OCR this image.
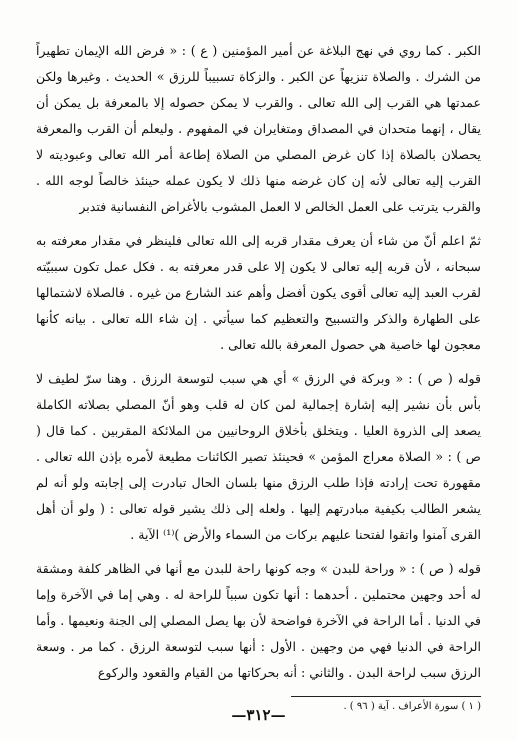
الكبر . كما روي في نهج البلاغة عن أمير المؤمنين ( ع ) : « فرض الله الإيمان تطهيراً من الشرك . والصلاة تنزيهاً عن الكبر . والزكاة تسبيباً للرزق » الحديث . وغيرها ولكن عمدتها هي القرب إلى الله تعالى . والقرب لا يمكن حصوله إلا بالمعرفة بل يمكن أن يقال ، إنهما متحدان في المصداق ومتغايران في المفهوم . وليعلم أن القرب والمعرفة يحصلان بالصلاة إذا كان غرض المصلي من الصلاة إطاعة أمر الله تعالى وعبوديته لا القرب إليه تعالى لأنه إن كان غرضه منها ذلك لا يكون عمله حينئذ خالصاً لوجه الله . والقرب يترتب على العمل الخالص لا العمل المشوب بالأغراض النفسانية فتدبر

ثمّ اعلم أنّ من شاء أن يعرف مقدار قربه إلى الله تعالى فلينظر في مقدار معرفته به سبحانه ، لأن قربه إليه تعالى لا يكون إلا على قدر معرفته به . فكل عمل تكون سببيّته لقرب العبد إليه تعالى أقوى يكون أفضل وأهم عند الشارع من غيره . فالصلاة لاشتمالها على الطهارة والذكر والتسبيح والتعظيم كما سيأتي . إن شاء الله تعالى . بيانه كأنها معجون لها خاصية هي حصول المعرفة بالله تعالى .

قوله ( ص ) : « وبركة في الرزق » أي هي سبب لتوسعة الرزق . وهنا سرّ لطيف لا بأس بأن نشير إليه إشارة إجمالية لمن كان له قلب وهو أنّ المصلي بصلاته الكاملة يصعد إلى الذروة العليا . ويتخلق بأخلاق الروحانيين من الملائكة المقربين . كما قال ( ص ) : « الصلاة معراج المؤمن » فحينئذ تصير الكائنات مطيعة لأمره بإذن الله تعالى . مقهورة تحت إرادته فإذا طلب الرزق منها بلسان الحال تبادرت إلى إجابته ولو أنه لم يشعر الطالب بكيفية مبادرتهم إليها . ولعله إلى ذلك يشير قوله تعالى : ( ولو أن أهل القرى آمنوا واتقوا لفتحنا عليهم بركات من السماء والأرض )⁽¹⁾ الآية .

قوله ( ص ) : « وراحة للبدن » وجه كونها راحة للبدن مع أنها في الظاهر كلفة ومشقة له أحد وجهين محتملين . أحدهما : أنها تكون سبباً للراحة له . وهي إما في الآخرة وإما في الدنيا . أما الراحة في الآخرة فواضحة لأن بها يصل المصلي إلى الجنة ونعيمها . وأما الراحة في الدنيا فهي من وجهين . الأول : أنها سبب لتوسعة الرزق . كما مر . وسعة الرزق سبب لراحة البدن . والثاني : أنه بحركاتها من القيام والقعود والركوع

( ١ ) سورة الأعراف . آية ( ٩٦ ) .

—٣١٢—
